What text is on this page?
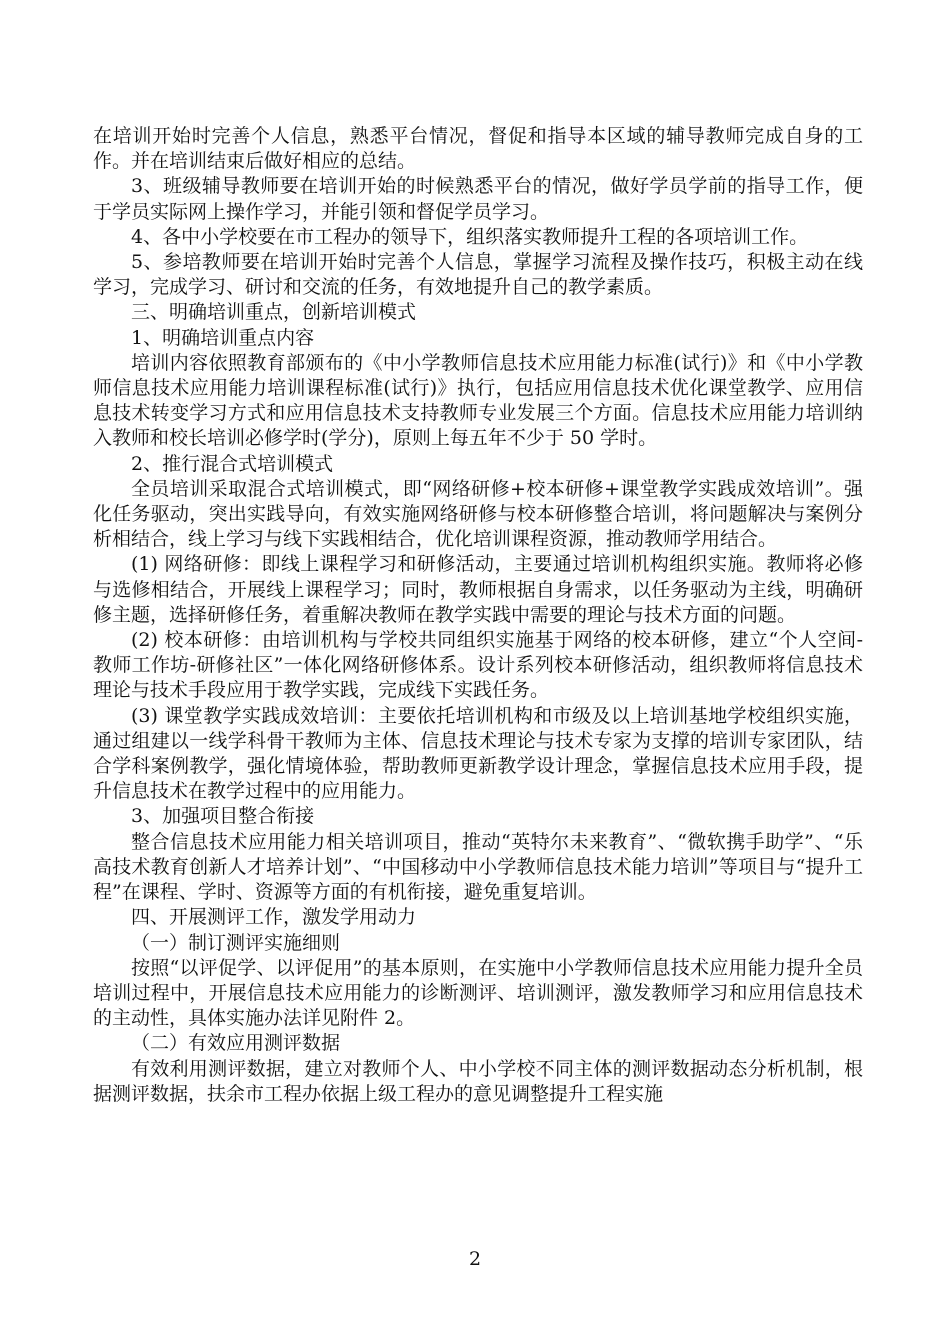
在培训开始时完善个人信息，熟悉平台情况，督促和指导本区域的辅导教师完成自身的工作。并在培训结束后做好相应的总结。

3、班级辅导教师要在培训开始的时候熟悉平台的情况，做好学员学前的指导工作，便于学员实际网上操作学习，并能引领和督促学员学习。

4、各中小学校要在市工程办的领导下，组织落实教师提升工程的各项培训工作。

5、参培教师要在培训开始时完善个人信息，掌握学习流程及操作技巧，积极主动在线学习，完成学习、研讨和交流的任务，有效地提升自己的教学素质。

三、明确培训重点，创新培训模式

1、明确培训重点内容

培训内容依照教育部颁布的《中小学教师信息技术应用能力标准(试行)》和《中小学教师信息技术应用能力培训课程标准(试行)》执行，包括应用信息技术优化课堂教学、应用信息技术转变学习方式和应用信息技术支持教师专业发展三个方面。信息技术应用能力培训纳入教师和校长培训必修学时(学分)，原则上每五年不少于 50 学时。

2、推行混合式培训模式

全员培训采取混合式培训模式，即“网络研修+校本研修+课堂教学实践成效培训”。强化任务驱动，突出实践导向，有效实施网络研修与校本研修整合培训，将问题解决与案例分析相结合，线上学习与线下实践相结合，优化培训课程资源，推动教师学用结合。

(1) 网络研修：即线上课程学习和研修活动，主要通过培训机构组织实施。教师将必修与选修相结合，开展线上课程学习；同时，教师根据自身需求，以任务驱动为主线，明确研修主题，选择研修任务，着重解决教师在教学实践中需要的理论与技术方面的问题。

(2) 校本研修：由培训机构与学校共同组织实施基于网络的校本研修，建立“个人空间-教师工作坊-研修社区”一体化网络研修体系。设计系列校本研修活动，组织教师将信息技术理论与技术手段应用于教学实践，完成线下实践任务。

(3) 课堂教学实践成效培训：主要依托培训机构和市级及以上培训基地学校组织实施，通过组建以一线学科骨干教师为主体、信息技术理论与技术专家为支撑的培训专家团队，结合学科案例教学，强化情境体验，帮助教师更新教学设计理念，掌握信息技术应用手段，提升信息技术在教学过程中的应用能力。

3、加强项目整合衔接

整合信息技术应用能力相关培训项目，推动“英特尔未来教育”、“微软携手助学”、“乐高技术教育创新人才培养计划”、“中国移动中小学教师信息技术能力培训”等项目与“提升工程”在课程、学时、资源等方面的有机衔接，避免重复培训。

四、开展测评工作，激发学用动力

（一）制订测评实施细则

按照“以评促学、以评促用”的基本原则，在实施中小学教师信息技术应用能力提升全员培训过程中，开展信息技术应用能力的诊断测评、培训测评，激发教师学习和应用信息技术的主动性，具体实施办法详见附件 2。

（二）有效应用测评数据

有效利用测评数据，建立对教师个人、中小学校不同主体的测评数据动态分析机制，根据测评数据，扶余市工程办依据上级工程办的意见调整提升工程实施

2
